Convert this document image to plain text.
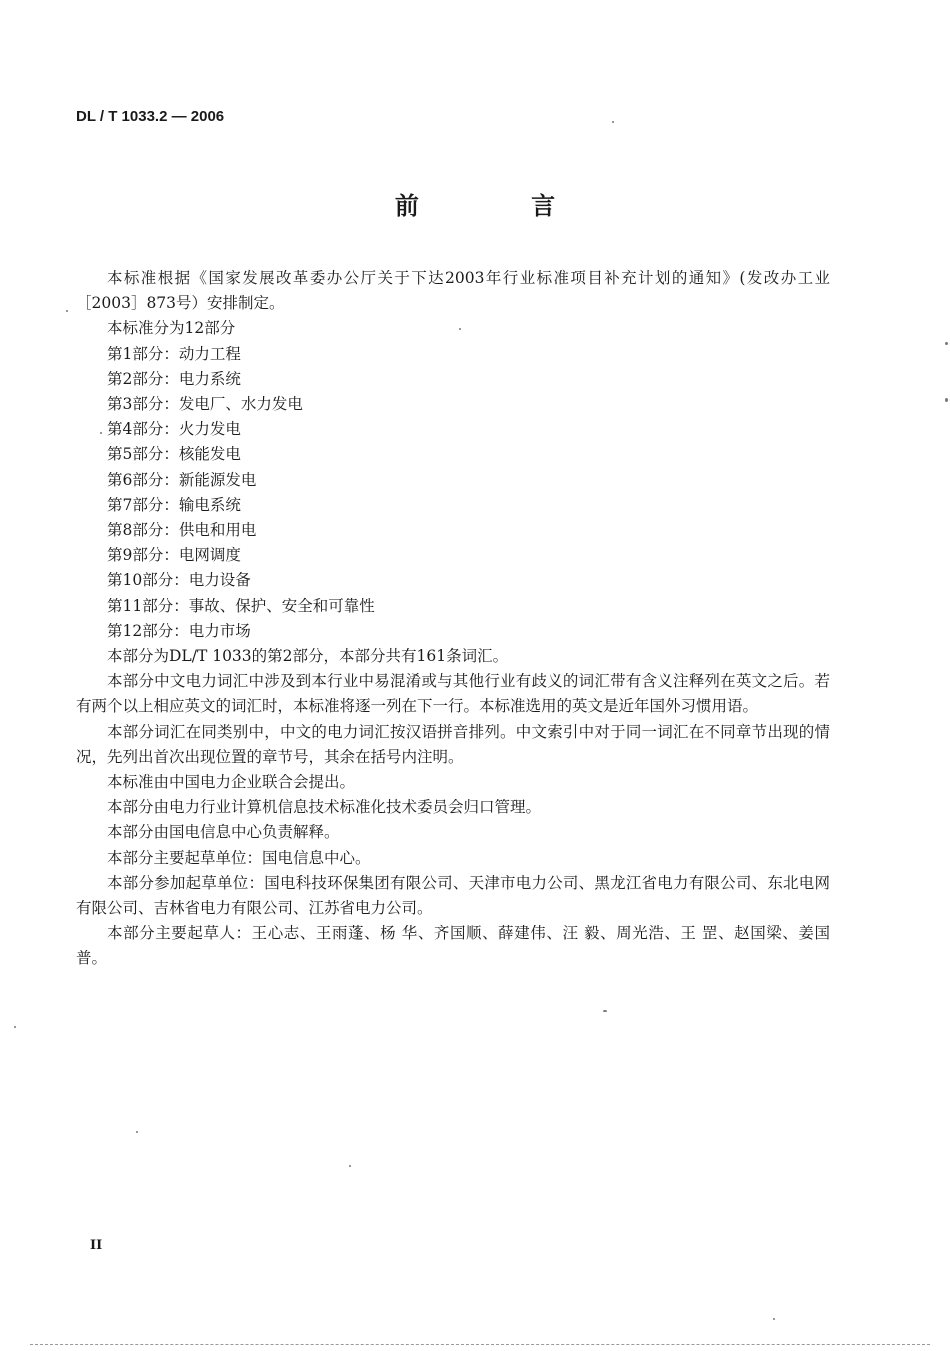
DL / T 1033.2 — 2006
前 言

本标准根据《国家发展改革委办公厅关于下达2003年行业标准项目补充计划的通知》(发改办工业［2003］873号）安排制定。

本标准分为12部分

第1部分：动力工程

第2部分：电力系统

第3部分：发电厂、水力发电

第4部分：火力发电

第5部分：核能发电

第6部分：新能源发电

第7部分：输电系统

第8部分：供电和用电

第9部分：电网调度

第10部分：电力设备

第11部分：事故、保护、安全和可靠性

第12部分：电力市场

本部分为DL/T 1033的第2部分，本部分共有161条词汇。

本部分中文电力词汇中涉及到本行业中易混淆或与其他行业有歧义的词汇带有含义注释列在英文之后。若有两个以上相应英文的词汇时，本标准将逐一列在下一行。本标准选用的英文是近年国外习惯用语。

本部分词汇在同类别中，中文的电力词汇按汉语拼音排列。中文索引中对于同一词汇在不同章节出现的情况，先列出首次出现位置的章节号，其余在括号内注明。

本标准由中国电力企业联合会提出。

本部分由电力行业计算机信息技术标准化技术委员会归口管理。

本部分由国电信息中心负责解释。

本部分主要起草单位：国电信息中心。

本部分参加起草单位：国电科技环保集团有限公司、天津市电力公司、黑龙江省电力有限公司、东北电网有限公司、吉林省电力有限公司、江苏省电力公司。

本部分主要起草人：王心志、王雨蓬、杨 华、齐国顺、薛建伟、汪 毅、周光浩、王 罡、赵国梁、姜国普。

II
